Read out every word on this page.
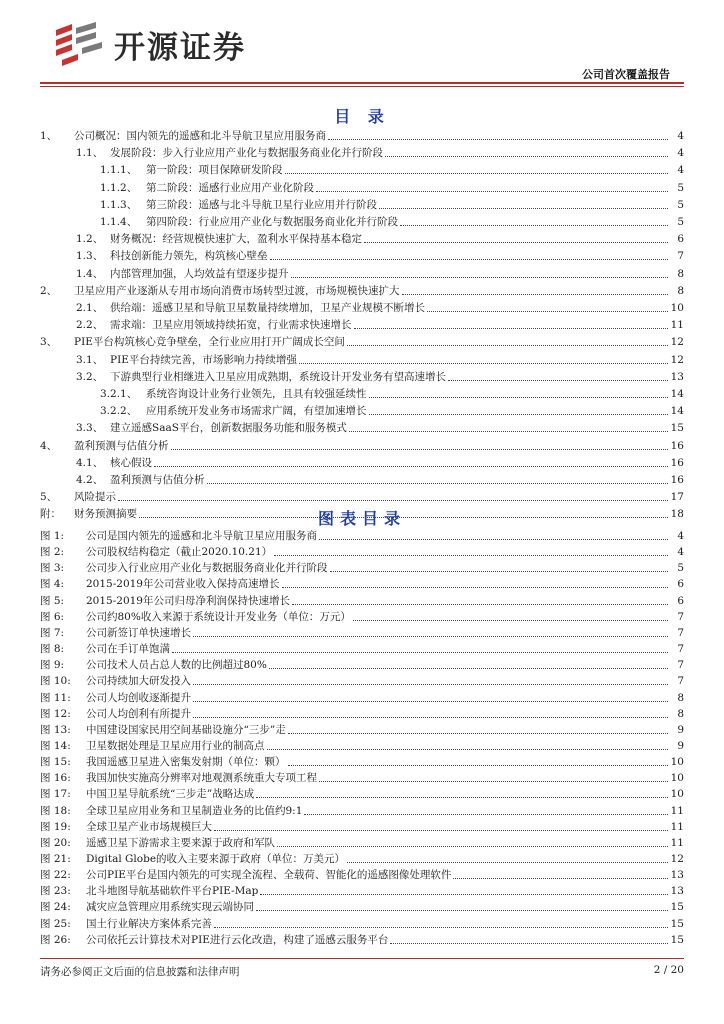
开源证券
公司首次覆盖报告
目 录
1、	公司概况：国内领先的遥感和北斗导航卫星应用服务商	4
1.1、 发展阶段：步入行业应用产业化与数据服务商业化并行阶段	4
1.1.1、 第一阶段：项目保障研发阶段	4
1.1.2、 第二阶段：遥感行业应用产业化阶段	5
1.1.3、 第三阶段：遥感与北斗导航卫星行业应用并行阶段	5
1.1.4、 第四阶段：行业应用产业化与数据服务商业化并行阶段	5
1.2、 财务概况：经营规模快速扩大，盈利水平保持基本稳定	6
1.3、 科技创新能力领先，构筑核心壁垒	7
1.4、 内部管理加强，人均效益有望逐步提升	8
2、	卫星应用产业逐渐从专用市场向消费市场转型过渡，市场规模快速扩大	8
2.1、 供给端：遥感卫星和导航卫星数量持续增加，卫星产业规模不断增长	10
2.2、 需求端：卫星应用领域持续拓宽，行业需求快速增长	11
3、	PIE平台构筑核心竞争壁垒，全行业应用打开广阔成长空间	12
3.1、 PIE平台持续完善，市场影响力持续增强	12
3.2、 下游典型行业相继进入卫星应用成熟期，系统设计开发业务有望高速增长	13
3.2.1、 系统咨询设计业务行业领先，且具有较强延续性	14
3.2.2、 应用系统开发业务市场需求广阔，有望加速增长	14
3.3、 建立遥感SaaS平台，创新数据服务功能和服务模式	15
4、	盈利预测与估值分析	16
4.1、 核心假设	16
4.2、 盈利预测与估值分析	16
5、	风险提示	17
附：	财务预测摘要	18
图表目录
图 1:	公司是国内领先的遥感和北斗导航卫星应用服务商	4
图 2:	公司股权结构稳定（截止2020.10.21）	4
图 3:	公司步入行业应用产业化与数据服务商业化并行阶段	5
图 4:	2015-2019年公司营业收入保持高速增长	6
图 5:	2015-2019年公司归母净利润保持快速增长	6
图 6:	公司约80%收入来源于系统设计开发业务（单位：万元）	7
图 7:	公司新签订单快速增长	7
图 8:	公司在手订单饱满	7
图 9:	公司技术人员占总人数的比例超过80%	7
图 10:	公司持续加大研发投入	7
图 11:	公司人均创收逐渐提升	8
图 12:	公司人均创利有所提升	8
图 13:	中国建设国家民用空间基础设施分“三步”走	9
图 14:	卫星数据处理是卫星应用行业的制高点	9
图 15:	我国遥感卫星进入密集发射期（单位：颗）	10
图 16:	我国加快实施高分辨率对地观测系统重大专项工程	10
图 17:	中国卫星导航系统“三步走”战略达成	10
图 18:	全球卫星应用业务和卫星制造业务的比值约9:1	11
图 19:	全球卫星产业市场规模巨大	11
图 20:	遥感卫星下游需求主要来源于政府和军队	11
图 21:	Digital Globe的收入主要来源于政府（单位：万美元）	12
图 22:	公司PIE平台是国内领先的可实现全流程、全载荷、智能化的遥感图像处理软件	13
图 23:	北斗地图导航基础软件平台PIE-Map	13
图 24:	减灾应急管理应用系统实现云端协同	15
图 25:	国土行业解决方案体系完善	15
图 26:	公司依托云计算技术对PIE进行云化改造，构建了遥感云服务平台	15
请务必参阅正文后面的信息披露和法律声明	2 / 20
